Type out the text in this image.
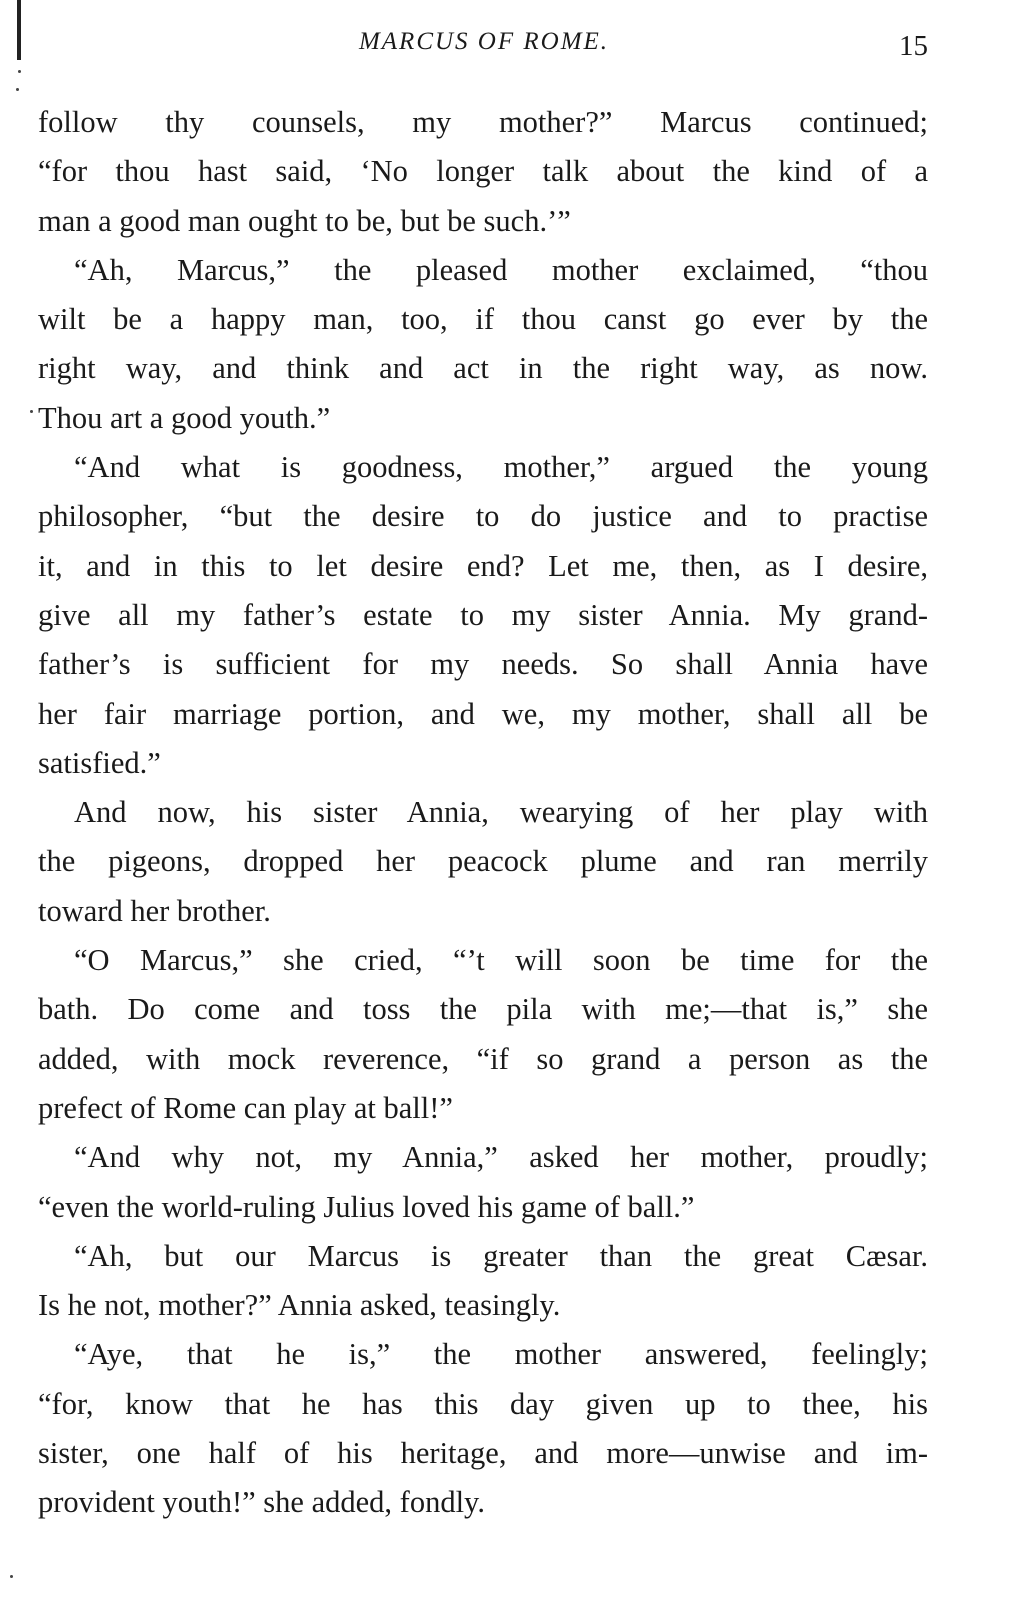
MARCUS OF ROME.	15
follow thy counsels, my mother?” Marcus continued;
“for thou hast said, ‘No longer talk about the kind of a
man a good man ought to be, but be such.’”
“Ah, Marcus,” the pleased mother exclaimed, “thou
wilt be a happy man, too, if thou canst go ever by the
right way, and think and act in the right way, as now.
Thou art a good youth.”
“And what is goodness, mother,” argued the young
philosopher, “but the desire to do justice and to practise
it, and in this to let desire end? Let me, then, as I desire,
give all my father’s estate to my sister Annia. My grand-
father’s is sufficient for my needs. So shall Annia have
her fair marriage portion, and we, my mother, shall all be
satisfied.”
And now, his sister Annia, wearying of her play with
the pigeons, dropped her peacock plume and ran merrily
toward her brother.
“O Marcus,” she cried, “’t will soon be time for the
bath. Do come and toss the pila with me;—that is,” she
added, with mock reverence, “if so grand a person as the
prefect of Rome can play at ball!”
“And why not, my Annia,” asked her mother, proudly;
“even the world-ruling Julius loved his game of ball.”
“Ah, but our Marcus is greater than the great Cæsar.
Is he not, mother?” Annia asked, teasingly.
“Aye, that he is,” the mother answered, feelingly;
“for, know that he has this day given up to thee, his
sister, one half of his heritage, and more—unwise and im-
provident youth!” she added, fondly.
